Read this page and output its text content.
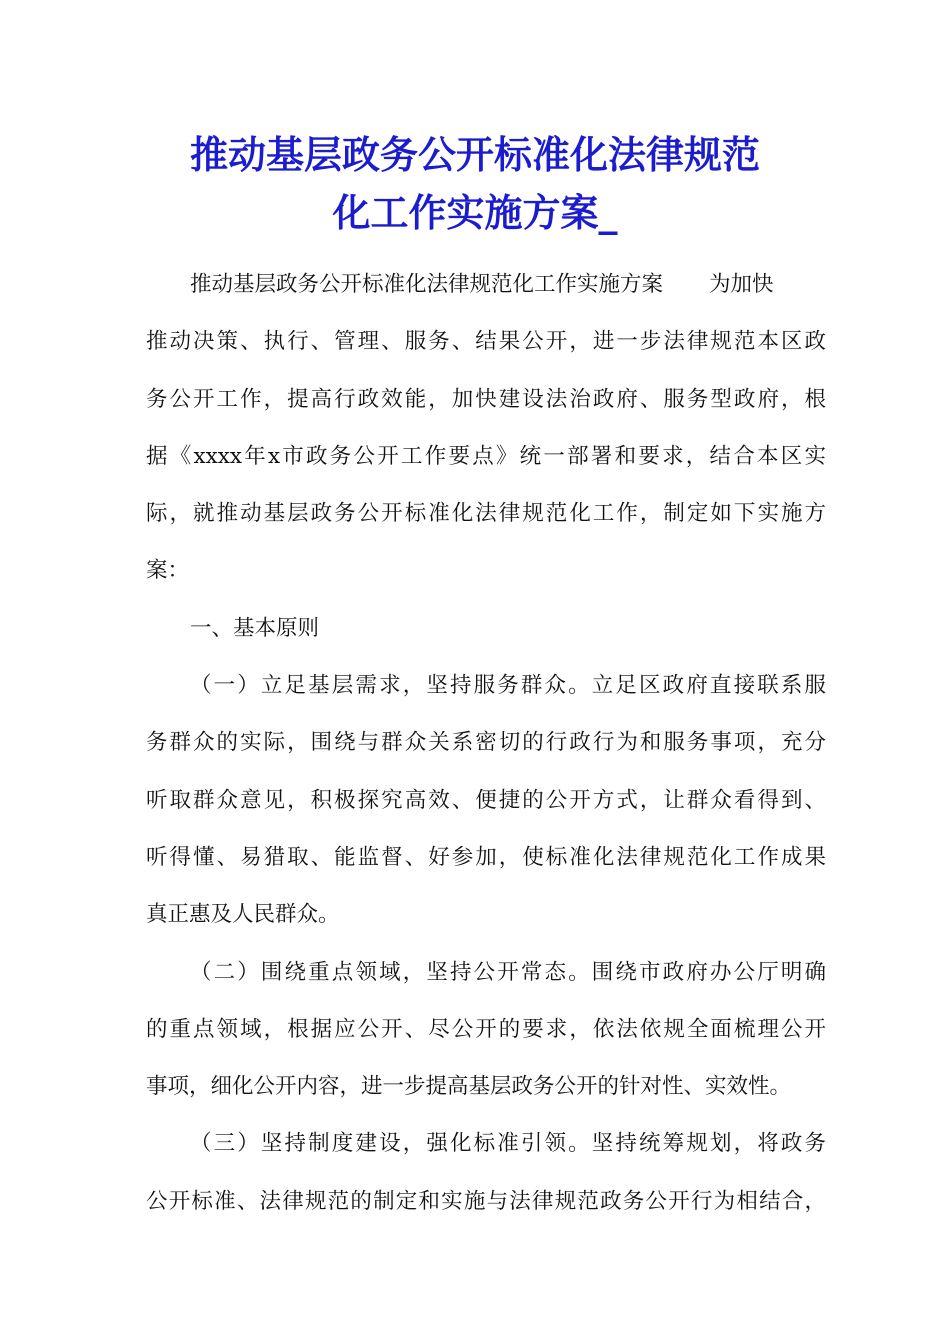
推动基层政务公开标准化法律规范
化工作实施方案_
推动基层政务公开标准化法律规范化工作实施方案 为加快
推动决策、执行、管理、服务、结果公开，进一步法律规范本区政
务公开工作，提高行政效能，加快建设法治政府、服务型政府，根
据《xxxx年x市政务公开工作要点》统一部署和要求，结合本区实
际，就推动基层政务公开标准化法律规范化工作，制定如下实施方
案：
一、基本原则
（一）立足基层需求，坚持服务群众。立足区政府直接联系服
务群众的实际，围绕与群众关系密切的行政行为和服务事项，充分
听取群众意见，积极探究高效、便捷的公开方式，让群众看得到、
听得懂、易猎取、能监督、好参加，使标准化法律规范化工作成果
真正惠及人民群众。
（二）围绕重点领域，坚持公开常态。围绕市政府办公厅明确
的重点领域，根据应公开、尽公开的要求，依法依规全面梳理公开
事项，细化公开内容，进一步提高基层政务公开的针对性、实效性。
（三）坚持制度建设，强化标准引领。坚持统筹规划，将政务
公开标准、法律规范的制定和实施与法律规范政务公开行为相结合，
